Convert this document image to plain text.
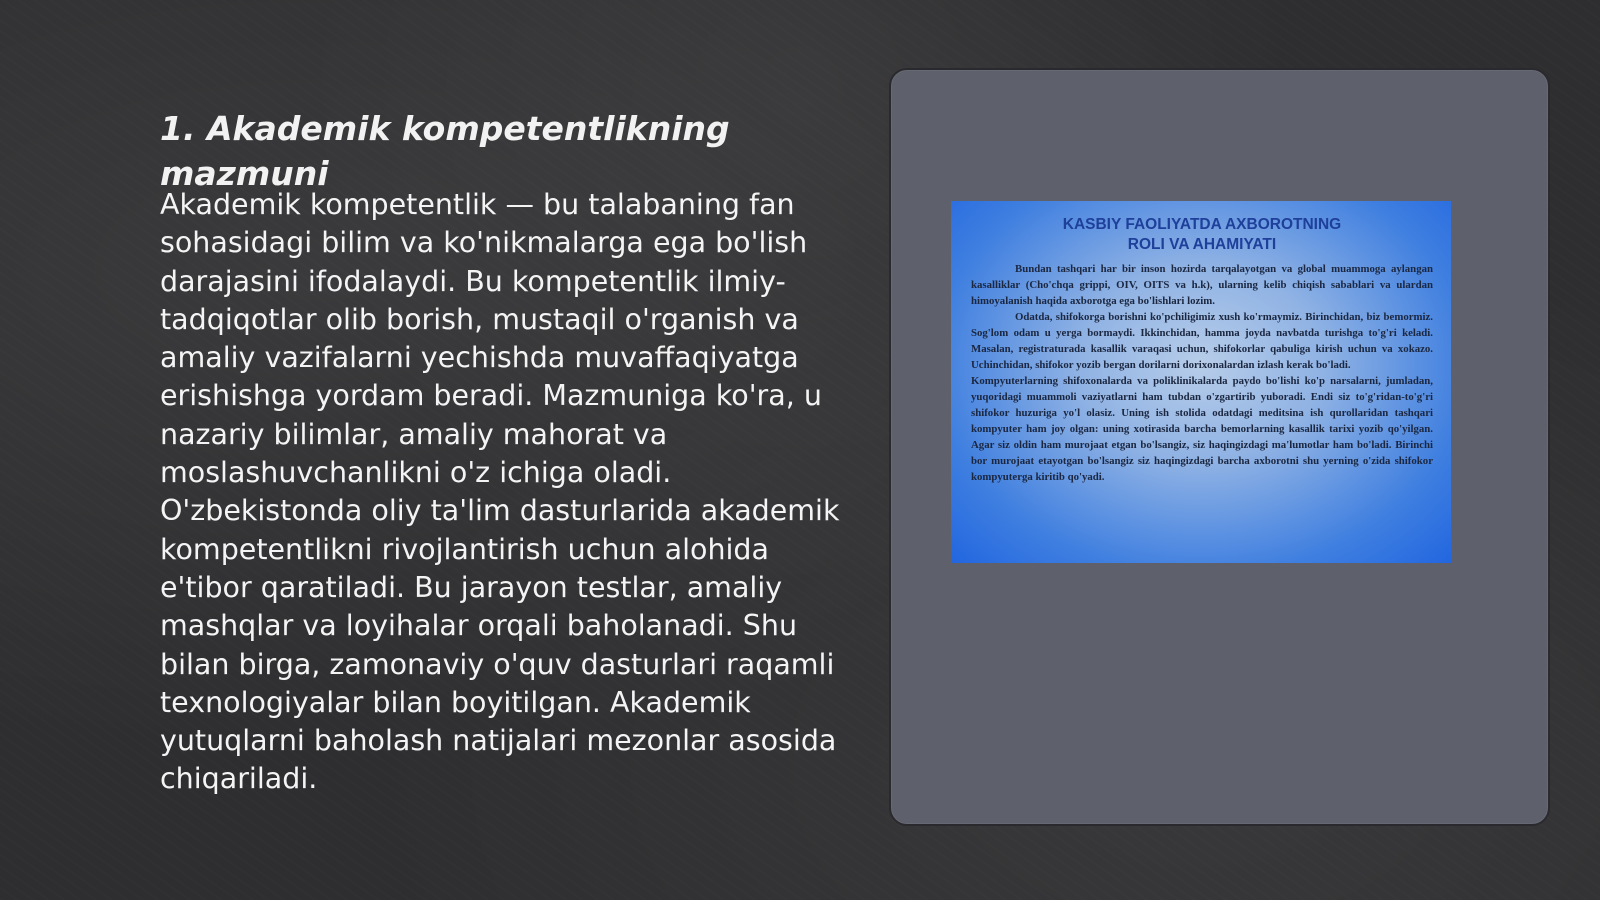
1. Akademik kompetentlikning mazmuni

Akademik kompetentlik — bu talabaning fan sohasidagi bilim va ko'nikmalarga ega bo'lish darajasini ifodalaydi. Bu kompetentlik ilmiy-tadqiqotlar olib borish, mustaqil o'rganish va amaliy vazifalarni yechishda muvaffaqiyatga erishishga yordam beradi. Mazmuniga ko'ra, u nazariy bilimlar, amaliy mahorat va moslashuvchanlikni o'z ichiga oladi. O'zbekistonda oliy ta'lim dasturlarida akademik kompetentlikni rivojlantirish uchun alohida e'tibor qaratiladi. Bu jarayon testlar, amaliy mashqlar va loyihalar orqali baholanadi. Shu bilan birga, zamonaviy o'quv dasturlari raqamli texnologiyalar bilan boyitilgan. Akademik yutuqlarni baholash natijalari mezonlar asosida chiqariladi.

KASBIY FAOLIYATDA AXBOROTNING
ROLI VA AHAMIYATI

Bundan tashqari har bir inson hozirda tarqalayotgan va global muammoga aylangan kasalliklar (Cho'chqa grippi, OIV, OITS va h.k), ularning kelib chiqish sabablari va ulardan himoyalanish haqida axborotga ega bo'lishlari lozim.

Odatda, shifokorga borishni ko'pchiligimiz xush ko'rmaymiz. Birinchidan, biz bemormiz. Sog'lom odam u yerga bormaydi. Ikkinchidan, hamma joyda navbatda turishga to'g'ri keladi. Masalan, registraturada kasallik varaqasi uchun, shifokorlar qabuliga kirish uchun va xokazo. Uchinchidan, shifokor yozib bergan dorilarni dorixonalardan izlash kerak bo'ladi.

Kompyuterlarning shifoxonalarda va poliklinikalarda paydo bo'lishi ko'p narsalarni, jumladan, yuqoridagi muammoli vaziyatlarni ham tubdan o'zgartirib yuboradi. Endi siz to'g'ridan-to'g'ri shifokor huzuriga yo'l olasiz. Uning ish stolida odatdagi meditsina ish qurollaridan tashqari kompyuter ham joy olgan: uning xotirasida barcha bemorlarning kasallik tarixi yozib qo'yilgan. Agar siz oldin ham murojaat etgan bo'lsangiz, siz haqingizdagi ma'lumotlar ham bo'ladi. Birinchi bor murojaat etayotgan bo'lsangiz siz haqingizdagi barcha axborotni shu yerning o'zida shifokor kompyuterga kiritib qo'yadi.
